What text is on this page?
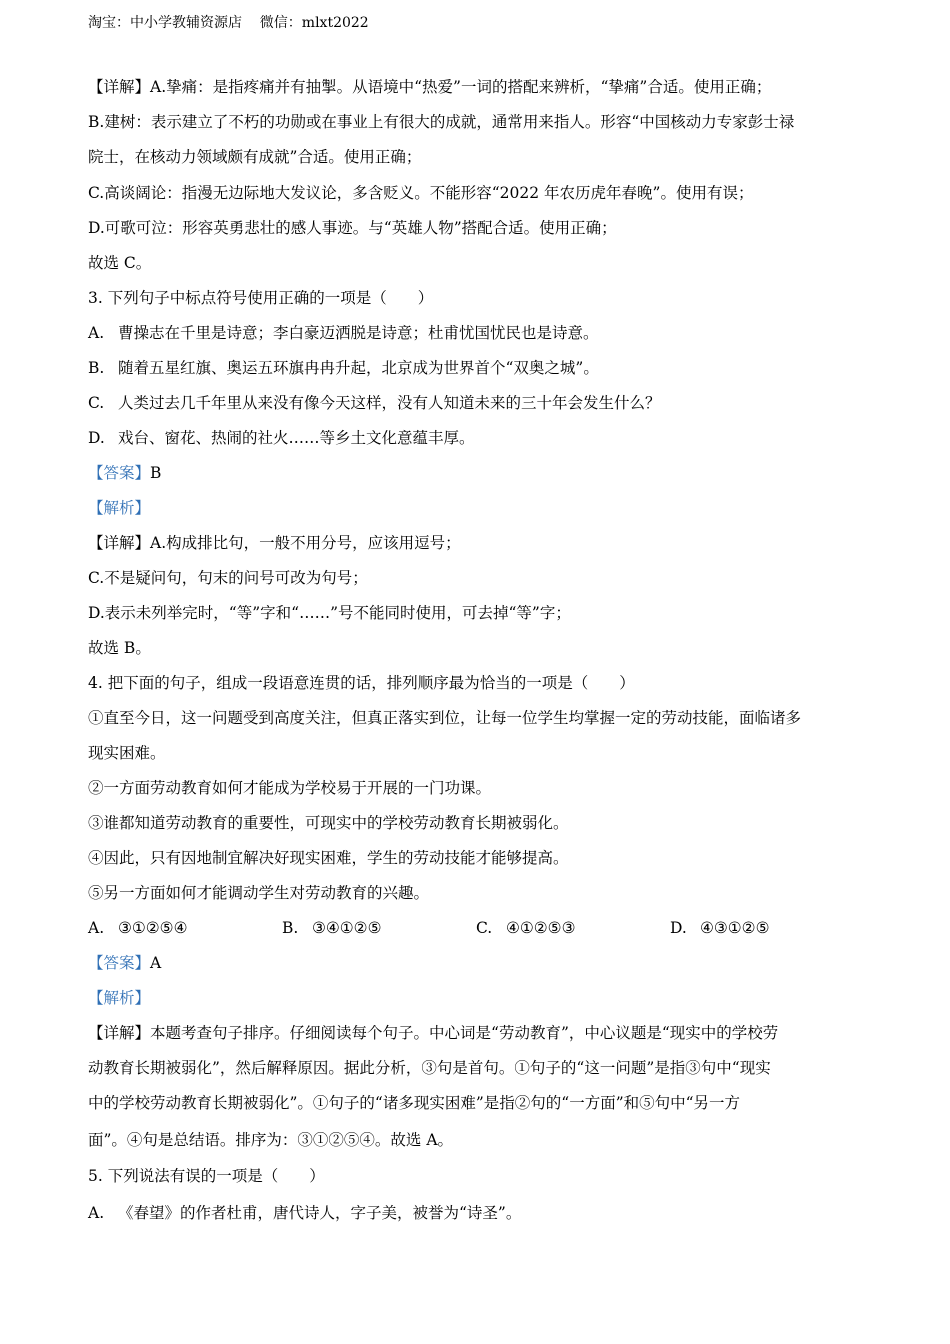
淘宝：中小学教辅资源店    微信：mlxt2022
【详解】A.挚痛：是指疼痛并有抽掣。从语境中“热爱”一词的搭配来辨析，“挚痛”合适。使用正确；
B.建树：表示建立了不朽的功勋或在事业上有很大的成就，通常用来指人。形容“中国核动力专家彭士禄
院士，在核动力领域颇有成就”合适。使用正确；
C.高谈阔论：指漫无边际地大发议论，多含贬义。不能形容“2022 年农历虎年春晚”。使用有误；
D.可歌可泣：形容英勇悲壮的感人事迹。与“英雄人物”搭配合适。使用正确；
故选 C。
3. 下列句子中标点符号使用正确的一项是（　　）
A. 曹操志在千里是诗意；李白豪迈洒脱是诗意；杜甫忧国忧民也是诗意。
B. 随着五星红旗、奥运五环旗冉冉升起，北京成为世界首个“双奥之城”。
C. 人类过去几千年里从来没有像今天这样，没有人知道未来的三十年会发生什么？
D. 戏台、窗花、热闹的社火……等乡土文化意蕴丰厚。
【答案】B
【解析】
【详解】A.构成排比句，一般不用分号，应该用逗号；
C.不是疑问句，句末的问号可改为句号；
D.表示未列举完时，“等”字和“……”号不能同时使用，可去掉“等”字；
故选 B。
4. 把下面的句子，组成一段语意连贯的话，排列顺序最为恰当的一项是（　　）
①直至今日，这一问题受到高度关注，但真正落实到位，让每一位学生均掌握一定的劳动技能，面临诸多
现实困难。
②一方面劳动教育如何才能成为学校易于开展的一门功课。
③谁都知道劳动教育的重要性，可现实中的学校劳动教育长期被弱化。
④因此，只有因地制宜解决好现实困难，学生的劳动技能才能够提高。
⑤另一方面如何才能调动学生对劳动教育的兴趣。
A. ③①②⑤④	B. ③④①②⑤	C. ④①②⑤③	D. ④③①②⑤
【答案】A
【解析】
【详解】本题考查句子排序。仔细阅读每个句子。中心词是“劳动教育”，中心议题是“现实中的学校劳
动教育长期被弱化”，然后解释原因。据此分析，③句是首句。①句子的“这一问题”是指③句中“现实
中的学校劳动教育长期被弱化”。①句子的“诸多现实困难”是指②句的“一方面”和⑤句中“另一方
面”。④句是总结语。排序为：③①②⑤④。故选 A。
5. 下列说法有误的一项是（　　）
A. 《春望》的作者杜甫，唐代诗人，字子美，被誉为“诗圣”。
